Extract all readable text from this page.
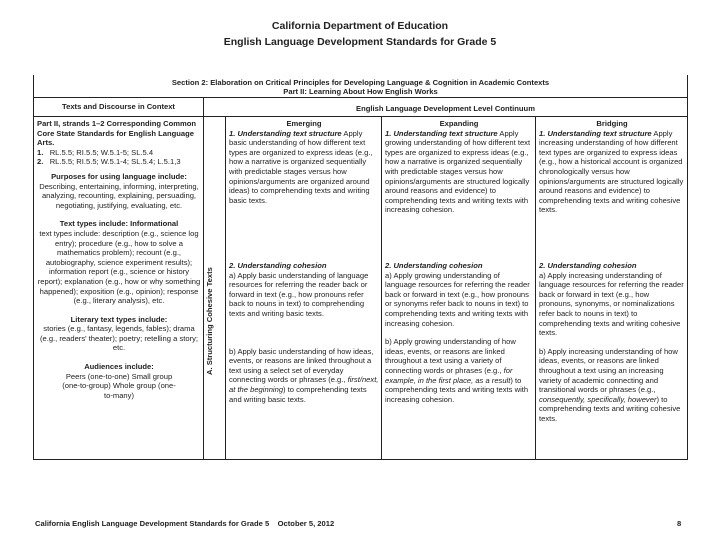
California Department of Education
English Language Development Standards for Grade 5
Section 2: Elaboration on Critical Principles for Developing Language & Cognition in Academic Contexts
Part II: Learning About How English Works
Texts and Discourse in Context	English Language Development Level Continuum
A. Structuring Cohesive Texts

Part II, strands 1–2 Corresponding Common Core State Standards for English Language Arts.

1. RL.5.5; RI.5.5; W.5.1-5; SL.5.4

2. RL.5.5; RI.5.5; W.5.1-4; SL.5.4; L.5.1,3

Purposes for using language include:

Describing, entertaining, informing, interpreting, analyzing, recounting, explaining, persuading, negotiating, justifying, evaluating, etc.

Text types include: Informational

text types include: description (e.g., science log entry); procedure (e.g., how to solve a mathematics problem); recount (e.g., autobiography, science experiment results); information report (e.g., science or history report); explanation (e.g., how or why something happened); exposition (e.g., opinion); response (e.g., literary analysis), etc.

Literary text types include:

stories (e.g., fantasy, legends, fables); drama (e.g., readers' theater); poetry; retelling a story; etc.

Audiences include:

Peers (one-to-one) Small group (one-to-group) Whole group (one-to-many)

Emerging

1. Understanding text structure Apply basic understanding of how different text types are organized to express ideas (e.g., how a narrative is organized sequentially with predictable stages versus how opinions/arguments are organized around ideas) to comprehending texts and writing basic texts.

2. Understanding cohesion

a) Apply basic understanding of language resources for referring the reader back or forward in text (e.g., how pronouns refer back to nouns in text) to comprehending texts and writing basic texts.

b) Apply basic understanding of how ideas, events, or reasons are linked throughout a text using a select set of everyday connecting words or phrases (e.g., first/next, at the beginning) to comprehending texts and writing basic texts.

Expanding

1. Understanding text structure Apply growing understanding of how different text types are organized to express ideas (e.g., how a narrative is organized sequentially with predictable stages versus how opinions/arguments are structured logically around reasons and evidence) to comprehending texts and writing texts with increasing cohesion.

2. Understanding cohesion

a) Apply growing understanding of language resources for referring the reader back or forward in text (e.g., how pronouns or synonyms refer back to nouns in text) to comprehending texts and writing texts with increasing cohesion.

b) Apply growing understanding of how ideas, events, or reasons are linked throughout a text using a variety of connecting words or phrases (e.g., for example, in the first place, as a result) to comprehending texts and writing texts with increasing cohesion.

Bridging

1. Understanding text structure Apply increasing understanding of how different text types are organized to express ideas (e.g., how a historical account is organized chronologically versus how opinions/arguments are structured logically around reasons and evidence) to comprehending texts and writing cohesive texts.

2. Understanding cohesion

a) Apply increasing understanding of language resources for referring the reader back or forward in text (e.g., how pronouns, synonyms, or nominalizations refer back to nouns in text) to comprehending texts and writing cohesive texts.

b) Apply increasing understanding of how ideas, events, or reasons are linked throughout a text using an increasing variety of academic connecting and transitional words or phrases (e.g., consequently, specifically, however) to comprehending texts and writing cohesive texts.

California English Language Development Standards for Grade 5 October 5, 2012	8
